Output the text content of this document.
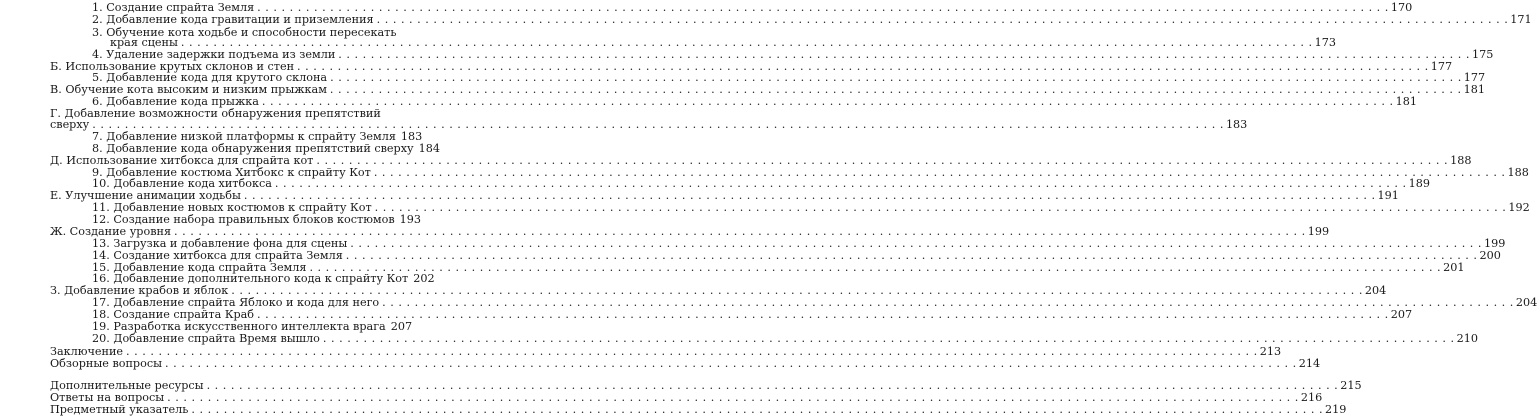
1. Создание спрайта Земля . . .	170
2. Добавление кода гравитации и приземления . . .	171
3. Обучение кота ходьбе и способности пересекать
края сцены . . .	173
4. Удаление задержки подъема из земли . . .	175
Б. Использование крутых склонов и стен . . .	177
5. Добавление кода для крутого склона . . .	177
В. Обучение кота высоким и низким прыжкам . . .	181
6. Добавление кода прыжка . . .	181
Г. Добавление возможности обнаружения препятствий
сверху . . .	183
7. Добавление низкой платформы к спрайту Земля 183
8. Добавление кода обнаружения препятствий сверху 184
Д. Использование хитбокса для спрайта кот . . .	188
9. Добавление костюма Хитбокс к спрайту Кот . . .	188
10. Добавление кода хитбокса . . .	189
Е. Улучшение анимации ходьбы . . .	191
11. Добавление новых костюмов к спрайту Кот . . .	192
12. Создание набора правильных блоков костюмов 193
Ж. Создание уровня . . .	199
13. Загрузка и добавление фона для сцены . . .	199
14. Создание хитбокса для спрайта Земля . . .	200
15. Добавление кода спрайта Земля . . .	201
16. Добавление дополнительного кода к спрайту Кот 202
З. Добавление крабов и яблок . . .	204
17. Добавление спрайта Яблоко и кода для него . . .	204
18. Создание спрайта Краб . . .	207
19. Разработка искусственного интеллекта врага 207
20. Добавление спрайта Время вышло . . .	210
Заключение . . .	213
Обзорные вопросы . . .	214
Дополнительные ресурсы . . .	215
Ответы на вопросы . . .	216
Предметный указатель . . .	219
